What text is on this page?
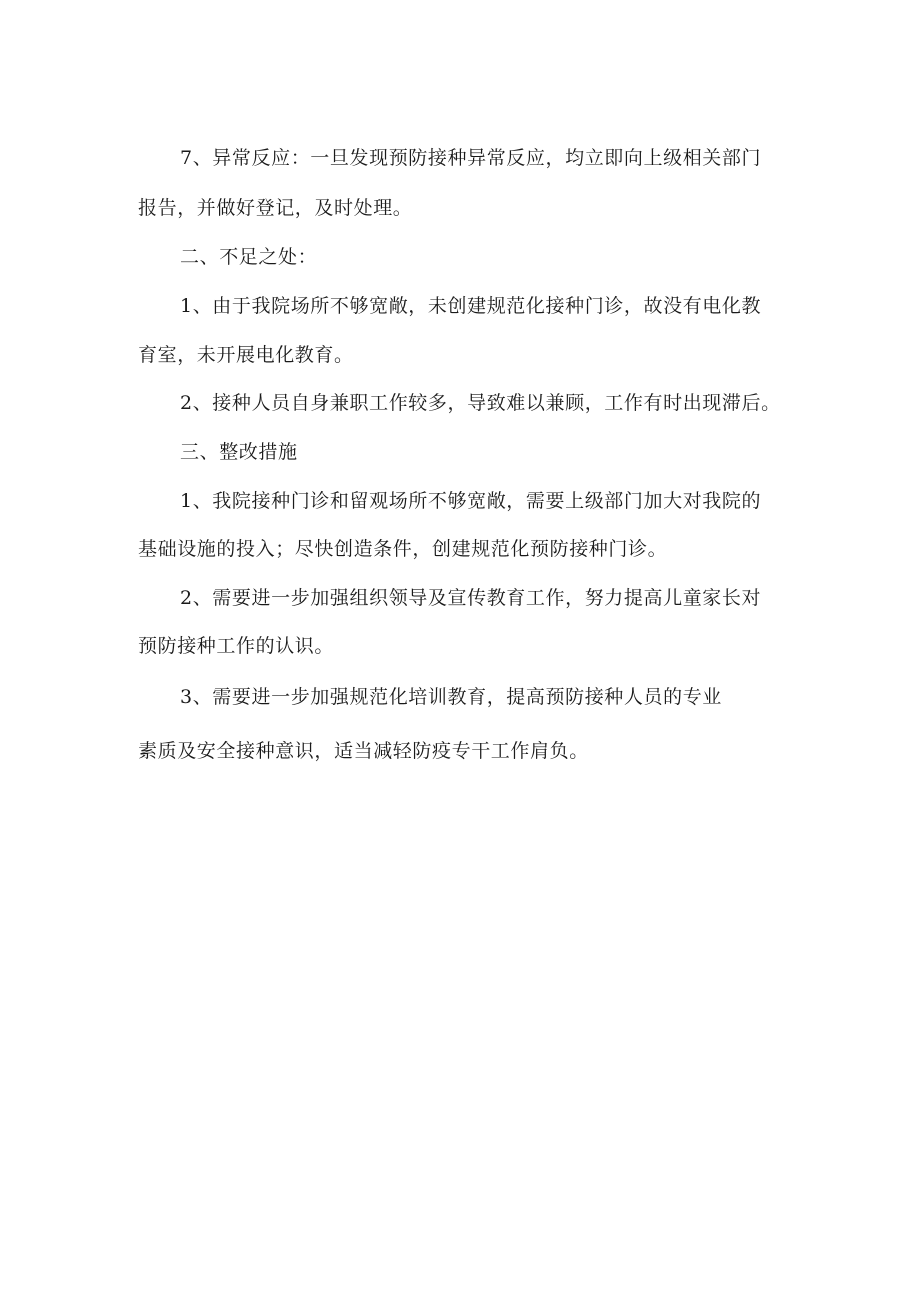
7、异常反应：一旦发现预防接种异常反应，均立即向上级相关部门

报告，并做好登记，及时处理。

二、不足之处：

1、由于我院场所不够宽敞，未创建规范化接种门诊，故没有电化教

育室，未开展电化教育。

2、接种人员自身兼职工作较多，导致难以兼顾，工作有时出现滞后。

三、整改措施

1、我院接种门诊和留观场所不够宽敞，需要上级部门加大对我院的

基础设施的投入；尽快创造条件，创建规范化预防接种门诊。

2、需要进一步加强组织领导及宣传教育工作，努力提高儿童家长对

预防接种工作的认识。

3、需要进一步加强规范化培训教育，提高预防接种人员的专业

素质及安全接种意识，适当减轻防疫专干工作肩负。
